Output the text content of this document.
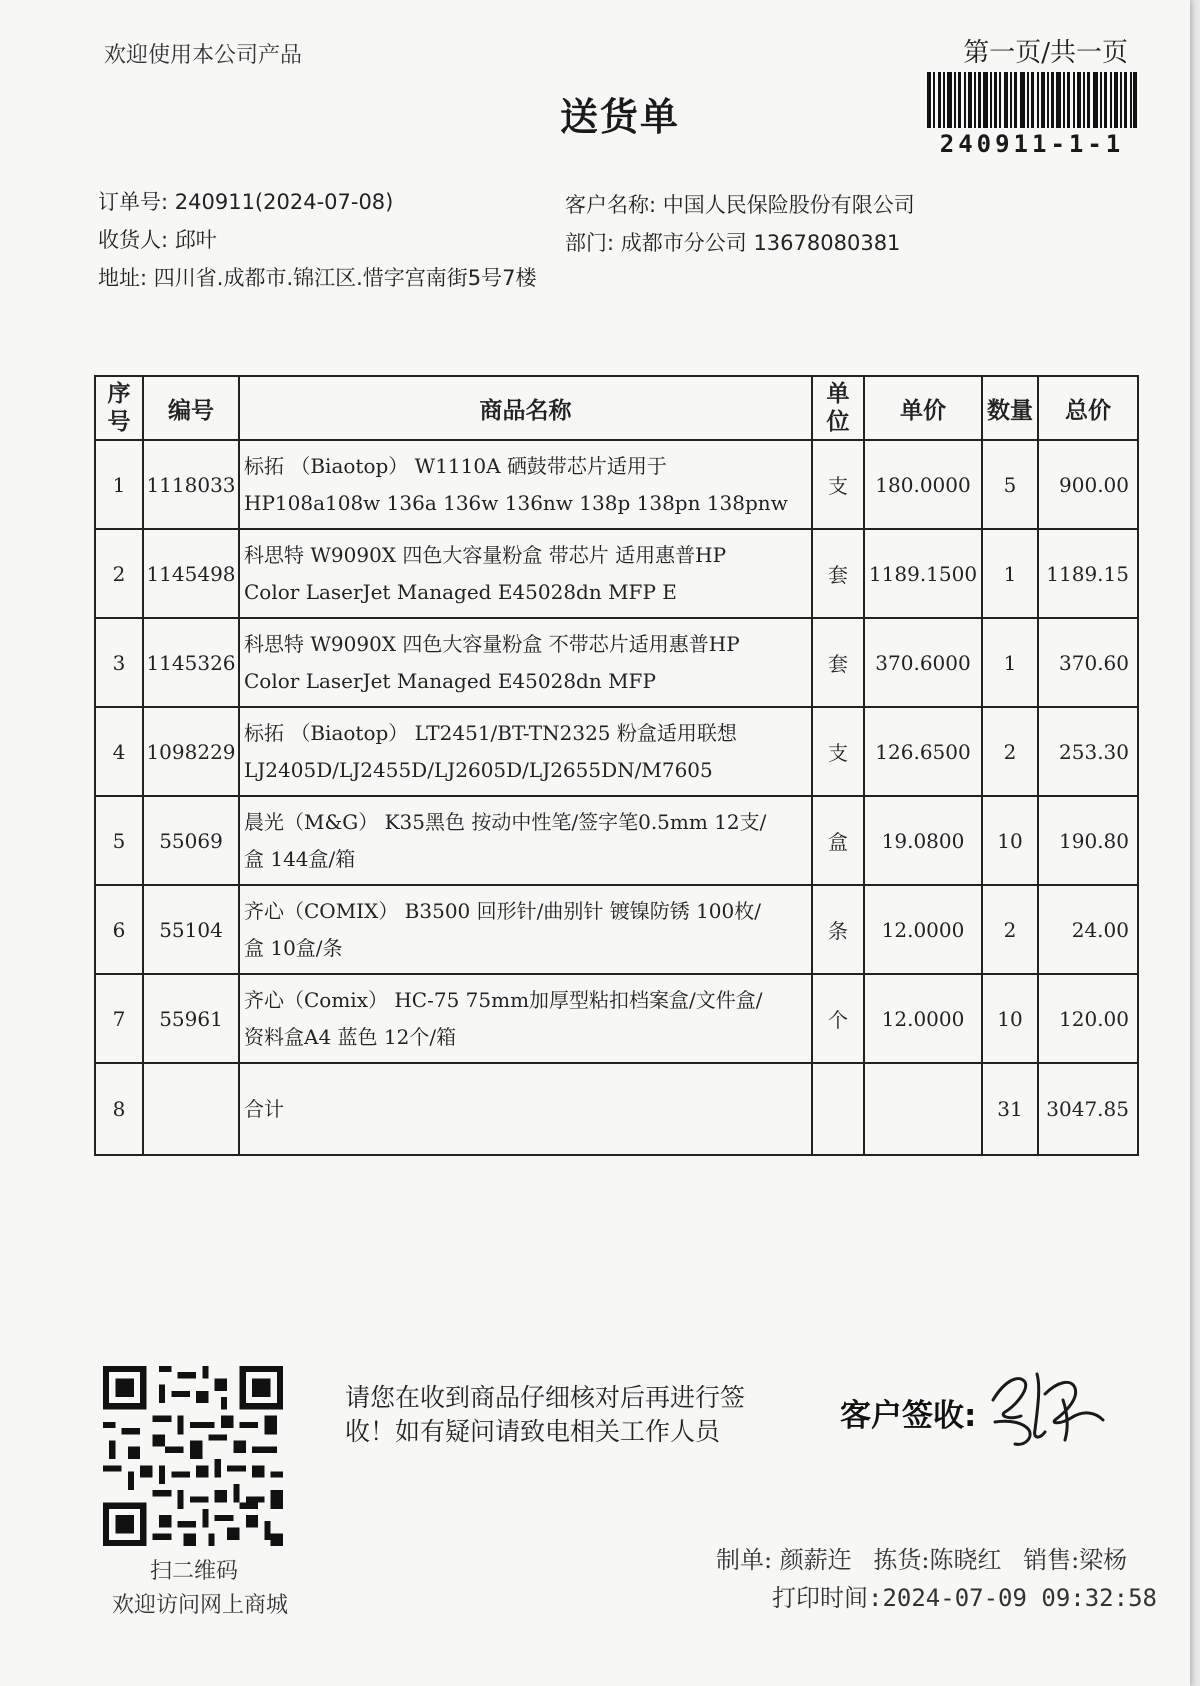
欢迎使用本公司产品	第一页/共一页
送货单
240911-1-1
订单号: 240911(2024-07-08)
收货人: 邱叶
地址: 四川省.成都市.锦江区.惜字宫南街5号7楼
客户名称: 中国人民保险股份有限公司
部门: 成都市分公司 13678080381
序
号	编号	商品名称	单
位	单价	数量	总价
1	1118033	标拓 （Biaotop） W1110A 硒鼓带芯片适用于
HP108a108w 136a 136w 136nw 138p 138pn 138pnw	支	180.0000	5	900.00
2	1145498	科思特 W9090X 四色大容量粉盒 带芯片 适用惠普HP
Color LaserJet Managed E45028dn MFP E	套	1189.1500	1	1189.15
3	1145326	科思特 W9090X 四色大容量粉盒 不带芯片适用惠普HP
Color LaserJet Managed E45028dn MFP	套	370.6000	1	370.60
4	1098229	标拓 （Biaotop） LT2451/BT-TN2325 粉盒适用联想
LJ2405D/LJ2455D/LJ2605D/LJ2655DN/M7605	支	126.6500	2	253.30
5	55069	晨光（M&G） K35黑色 按动中性笔/签字笔0.5mm 12支/
盒 144盒/箱	盒	19.0800	10	190.80
6	55104	齐心（COMIX） B3500 回形针/曲别针 镀镍防锈 100枚/
盒 10盒/条	条	12.0000	2	24.00
7	55961	齐心（Comix） HC-75 75mm加厚型粘扣档案盒/文件盒/
资料盒A4 蓝色 12个/箱	个	12.0000	10	120.00
8		合计			31	3047.85
扫二维码
欢迎访问网上商城
请您在收到商品仔细核对后再进行签收！如有疑问请致电相关工作人员	客户签收:
制单: 颜薪迕 拣货:陈晓红 销售:梁杨
打印时间:2024-07-09 09:32:58
